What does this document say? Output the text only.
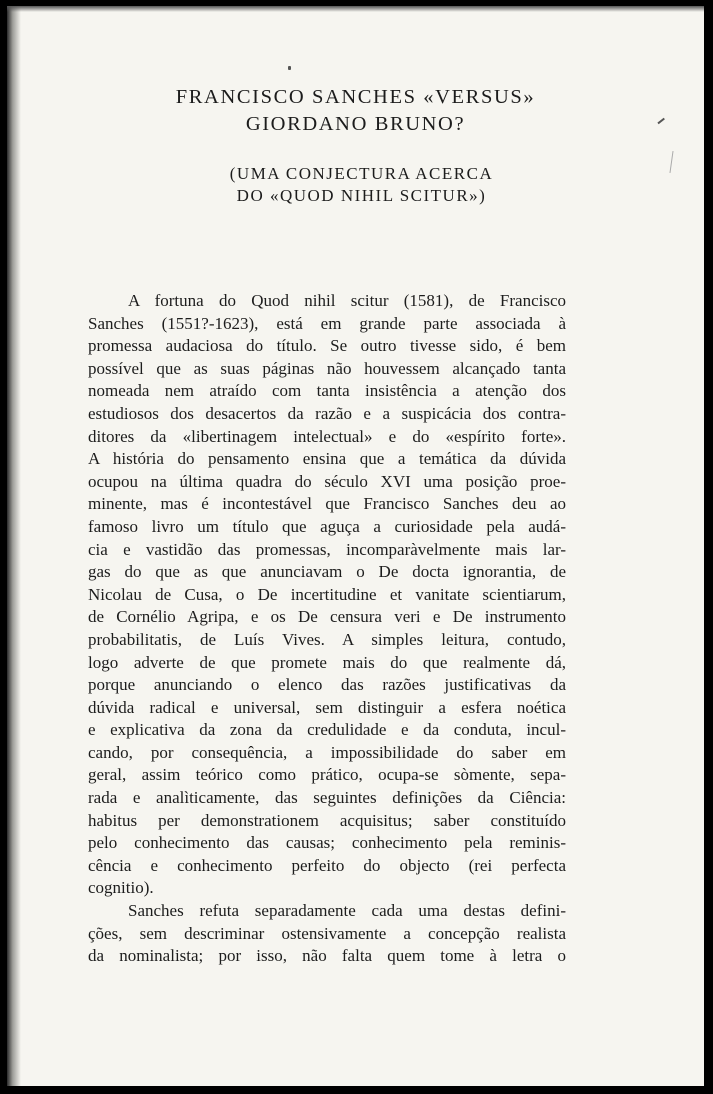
FRANCISCO SANCHES «VERSUS»
GIORDANO BRUNO?
(UMA CONJECTURA ACERCA
DO «QUOD NIHIL SCITUR»)
A fortuna do Quod nihil scitur (1581), de Francisco
Sanches (1551?-1623), está em grande parte associada à
promessa audaciosa do título. Se outro tivesse sido, é bem
possível que as suas páginas não houvessem alcançado tanta
nomeada nem atraído com tanta insistência a atenção dos
estudiosos dos desacertos da razão e a suspicácia dos contra-
ditores da «libertinagem intelectual» e do «espírito forte».
A história do pensamento ensina que a temática da dúvida
ocupou na última quadra do século XVI uma posição proe-
minente, mas é incontestável que Francisco Sanches deu ao
famoso livro um título que aguça a curiosidade pela audá-
cia e vastidão das promessas, incomparàvelmente mais lar-
gas do que as que anunciavam o De docta ignorantia, de
Nicolau de Cusa, o De incertitudine et vanitate scientiarum,
de Cornélio Agripa, e os De censura veri e De instrumento
probabilitatis, de Luís Vives. A simples leitura, contudo,
logo adverte de que promete mais do que realmente dá,
porque anunciando o elenco das razões justificativas da
dúvida radical e universal, sem distinguir a esfera noética
e explicativa da zona da credulidade e da conduta, incul-
cando, por consequência, a impossibilidade do saber em
geral, assim teórico como prático, ocupa-se sòmente, sepa-
rada e analìticamente, das seguintes definições da Ciência:
habitus per demonstrationem acquisitus; saber constituído
pelo conhecimento das causas; conhecimento pela reminis-
cência e conhecimento perfeito do objecto (rei perfecta
cognitio).
Sanches refuta separadamente cada uma destas defini-
ções, sem descriminar ostensivamente a concepção realista
da nominalista; por isso, não falta quem tome à letra o
